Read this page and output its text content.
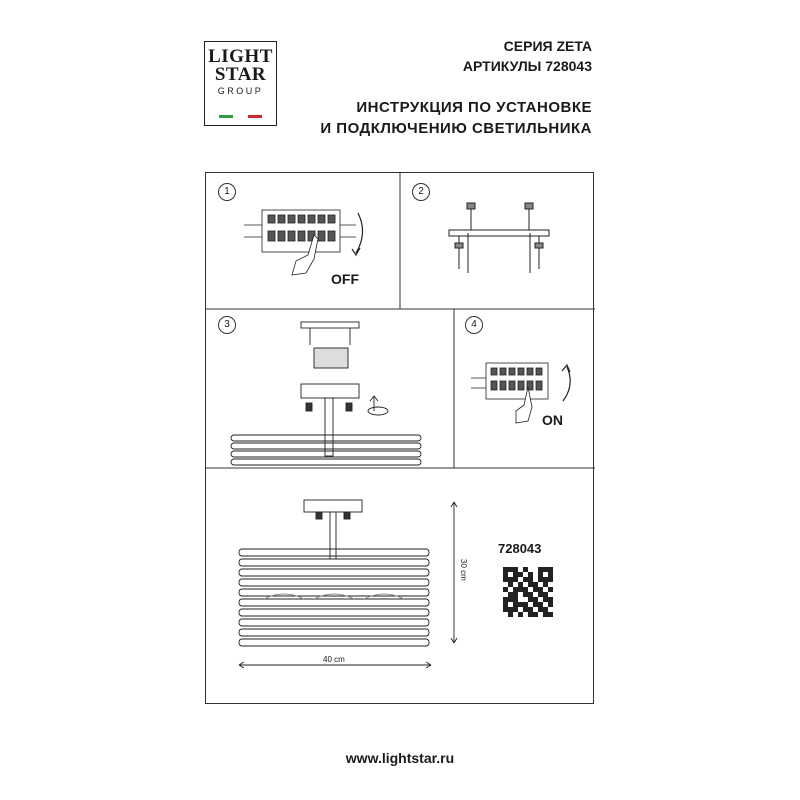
LIGHT
STAR
GROUP
СЕРИЯ ZETA
АРТИКУЛЫ 728043
ИНСТРУКЦИЯ ПО УСТАНОВКЕ
И ПОДКЛЮЧЕНИЮ СВЕТИЛЬНИКА
1	2
3	4
OFF
ON
728043
40 cm
30 cm
www.lightstar.ru
